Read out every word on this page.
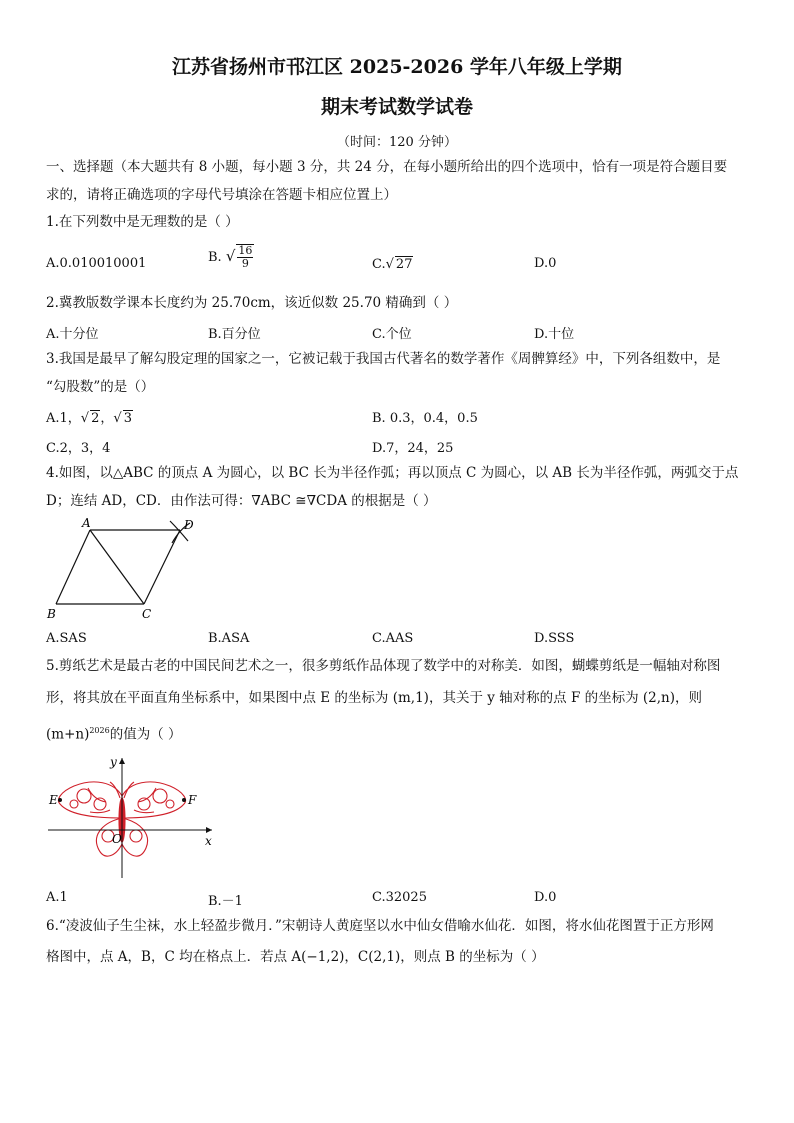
江苏省扬州市邗江区 2025-2026 学年八年级上学期
期末考试数学试卷
（时间：120 分钟）
一、选择题（本大题共有 8 小题，每小题 3 分，共 24 分，在每小题所给出的四个选项中，恰有一项是符合题目要
求的，请将正确选项的字母代号填涂在答题卡相应位置上）
1.在下列数中是无理数的是（ ）
A.0.010010001	B. √ $\frac{16}{9}$	C.√ 27	D.0
2.冀教版数学课本长度约为 25.70cm，该近似数 25.70 精确到（ ）
A.十分位	B.百分位	C.个位	D.十位
3.我国是最早了解勾股定理的国家之一，它被记载于我国古代著名的数学著作《周髀算经》中，下列各组数中，是
“勾股数”的是（）
A.1，√ 2，√ 3	B. 0.3，0.4，0.5
C.2，3，4	D.7，24，25
4.如图，以△ABC 的顶点 A 为圆心，以 BC 长为半径作弧；再以顶点 C 为圆心，以 AB 长为半径作弧，两弧交于点
D；连结 AD，CD．由作法可得：∇ABC ≅∇CDA 的根据是（ ）
A	D
B	C
A.SAS	B.ASA	C.AAS	D.SSS
5.剪纸艺术是最古老的中国民间艺术之一，很多剪纸作品体现了数学中的对称美．如图，蝴蝶剪纸是一幅轴对称图
形，将其放在平面直角坐标系中，如果图中点 E 的坐标为 (m,1)，其关于 y 轴对称的点 F 的坐标为 (2,n)，则
$(m+n)^{2026}$的值为（ ）
x
y
E	F
O
A.1	B.－1	C.32025	D.0
6.“凌波仙子生尘袜，水上轻盈步微月．”宋朝诗人黄庭坚以水中仙女借喻水仙花．如图，将水仙花图置于正方形网
格图中，点 A，B，C 均在格点上．若点 A(−1,2)，C(2,1)，则点 B 的坐标为（ ）
